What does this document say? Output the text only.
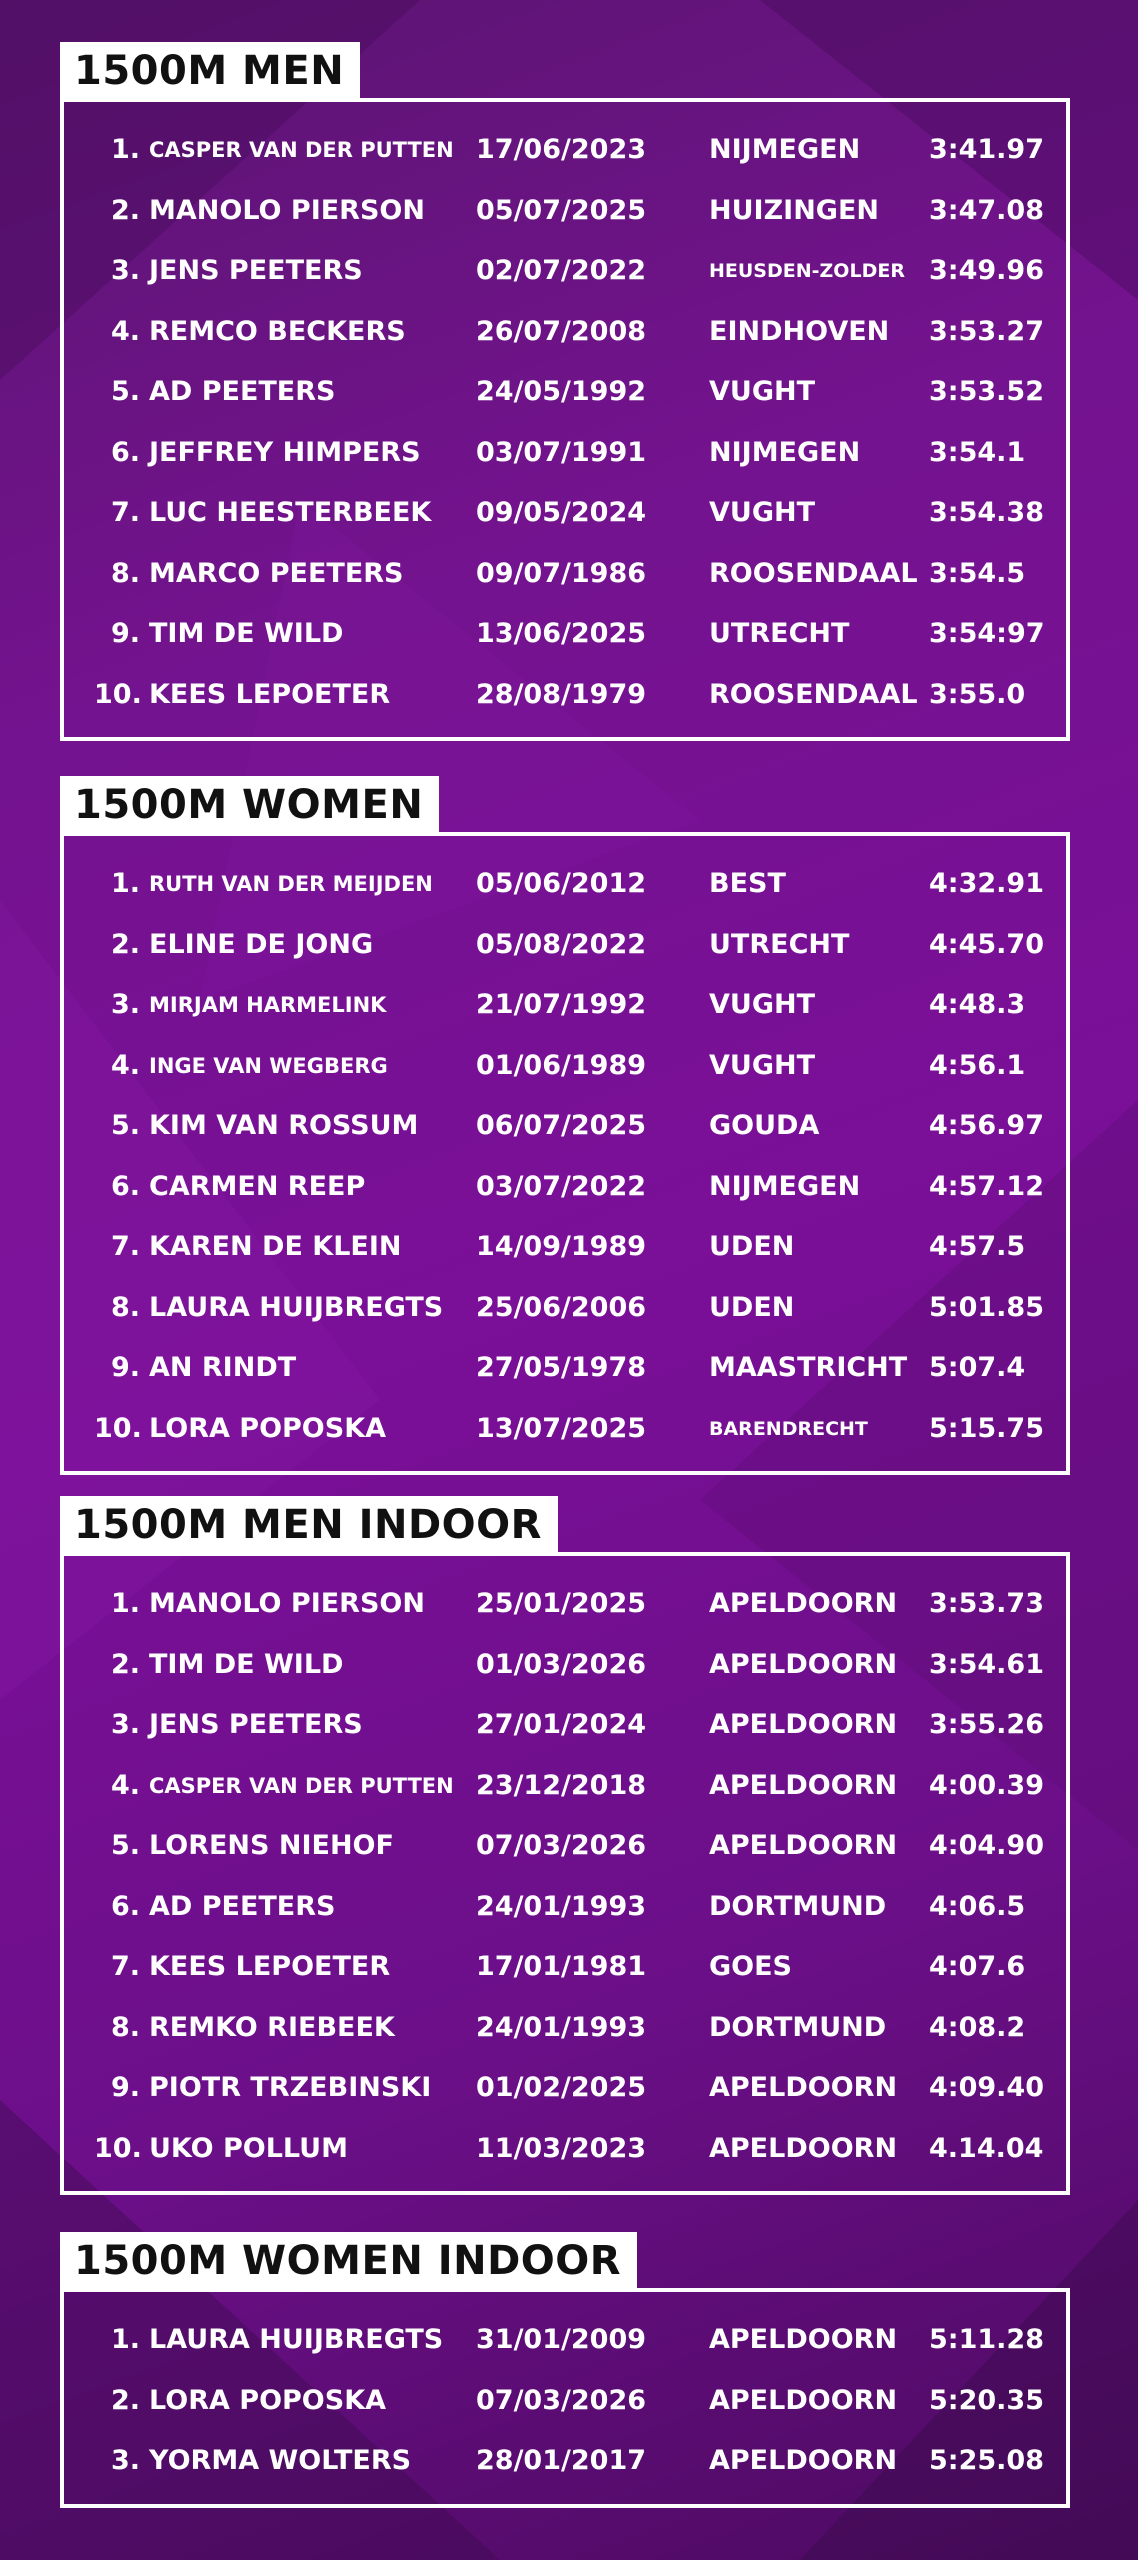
1500M MEN
1. CASPER VAN DER PUTTEN 17/06/2023 NIJMEGEN	3:41.97
2. MANOLO PIERSON 05/07/2025 HUIZINGEN 3:47.08
3. JENS PEETERS	02/07/2022	HEUSDEN-ZOLDER 3:49.96
4. REMCO BECKERS	26/07/2008 EINDHOVEN 3:53.27
5. AD PEETERS	24/05/1992 VUGHT	3:53.52
6. JEFFREY HIMPERS 03/07/1991 NIJMEGEN	3:54.1
7. LUC HEESTERBEEK 09/05/2024 VUGHT	3:54.38
8. MARCO PEETERS	09/07/1986 ROOSENDAAL 3:54.5
9. TIM DE WILD	13/06/2025 UTRECHT	3:54:97
10. KEES LEPOETER	28/08/1979 ROOSENDAAL 3:55.0
1500M WOMEN
1. RUTH VAN DER MEIJDEN 05/06/2012 BEST	4:32.91
2. ELINE DE JONG	05/08/2022 UTRECHT	4:45.70
3. MIRJAM HARMELINK	21/07/1992 VUGHT	4:48.3
4. INGE VAN WEGBERG	01/06/1989 VUGHT	4:56.1
5. KIM VAN ROSSUM 06/07/2025 GOUDA	4:56.97
6. CARMEN REEP	03/07/2022 NIJMEGEN	4:57.12
7. KAREN DE KLEIN	14/09/1989 UDEN	4:57.5
8. LAURA HUIJBREGTS 25/06/2006 UDEN	5:01.85
9. AN RINDT	27/05/1978 MAASTRICHT 5:07.4
10. LORA POPOSKA	13/07/2025	BARENDRECHT 5:15.75
1500M MEN INDOOR
1. MANOLO PIERSON 25/01/2025 APELDOORN 3:53.73
2. TIM DE WILD	01/03/2026 APELDOORN 3:54.61
3. JENS PEETERS	27/01/2024 APELDOORN 3:55.26
4. CASPER VAN DER PUTTEN 23/12/2018 APELDOORN 4:00.39
5. LORENS NIEHOF	07/03/2026 APELDOORN 4:04.90
6. AD PEETERS	24/01/1993 DORTMUND 4:06.5
7. KEES LEPOETER	17/01/1981 GOES	4:07.6
8. REMKO RIEBEEK	24/01/1993 DORTMUND 4:08.2
9. PIOTR TRZEBINSKI 01/02/2025 APELDOORN 4:09.40
10. UKO POLLUM	11/03/2023 APELDOORN 4.14.04
1500M WOMEN INDOOR
1. LAURA HUIJBREGTS 31/01/2009 APELDOORN 5:11.28
2. LORA POPOSKA	07/03/2026 APELDOORN 5:20.35
3. YORMA WOLTERS 28/01/2017 APELDOORN 5:25.08
